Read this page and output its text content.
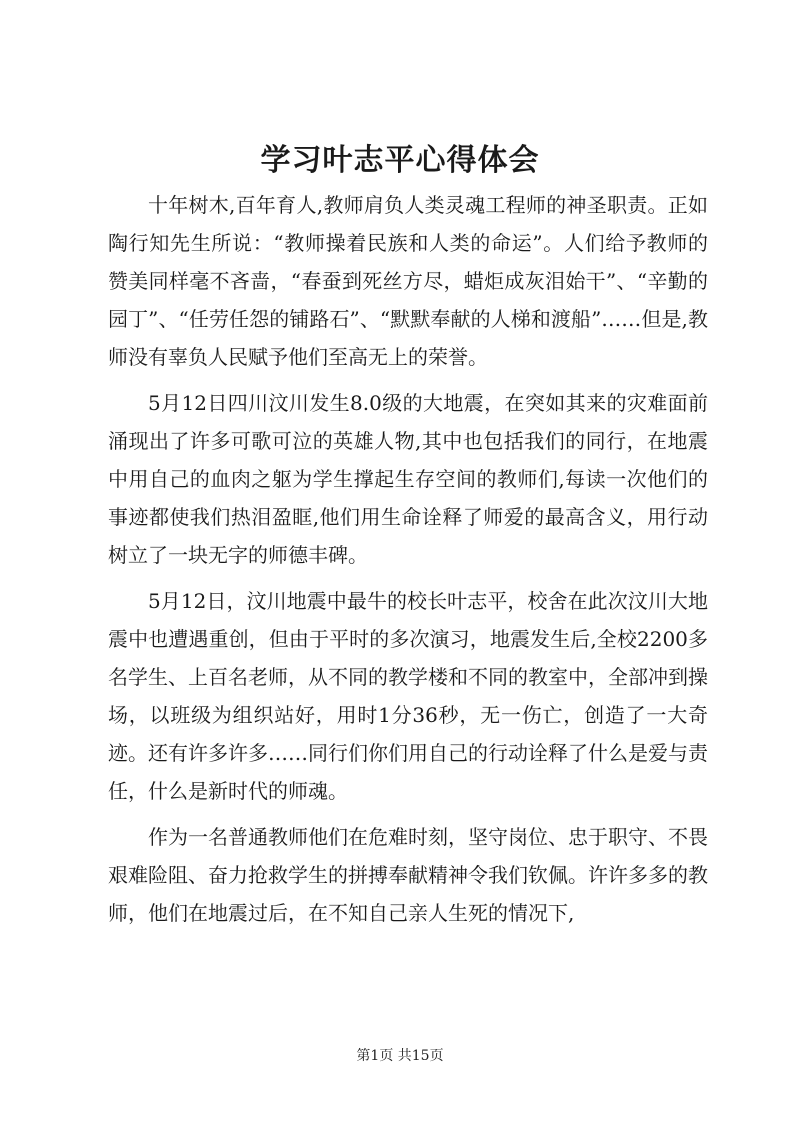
学习叶志平心得体会

十年树木,百年育人,教师肩负人类灵魂工程师的神圣职责。正如陶行知先生所说：“教师操着民族和人类的命运”。人们给予教师的赞美同样毫不吝啬，“春蚕到死丝方尽，蜡炬成灰泪始干”、“辛勤的园丁”、“任劳任怨的铺路石”、“默默奉献的人梯和渡船”……但是,教师没有辜负人民赋予他们至高无上的荣誉。

5月12日四川汶川发生8.0级的大地震，在突如其来的灾难面前涌现出了许多可歌可泣的英雄人物,其中也包括我们的同行，在地震中用自己的血肉之躯为学生撑起生存空间的教师们,每读一次他们的事迹都使我们热泪盈眶,他们用生命诠释了师爱的最高含义，用行动树立了一块无字的师德丰碑。

5月12日，汶川地震中最牛的校长叶志平，校舍在此次汶川大地震中也遭遇重创，但由于平时的多次演习，地震发生后,全校2200多名学生、上百名老师，从不同的教学楼和不同的教室中，全部冲到操场，以班级为组织站好，用时1分36秒，无一伤亡，创造了一大奇迹。还有许多许多……同行们你们用自己的行动诠释了什么是爱与责任，什么是新时代的师魂。

作为一名普通教师他们在危难时刻，坚守岗位、忠于职守、不畏艰难险阻、奋力抢救学生的拼搏奉献精神令我们钦佩。许许多多的教师，他们在地震过后，在不知自己亲人生死的情况下,

第1页 共15页
